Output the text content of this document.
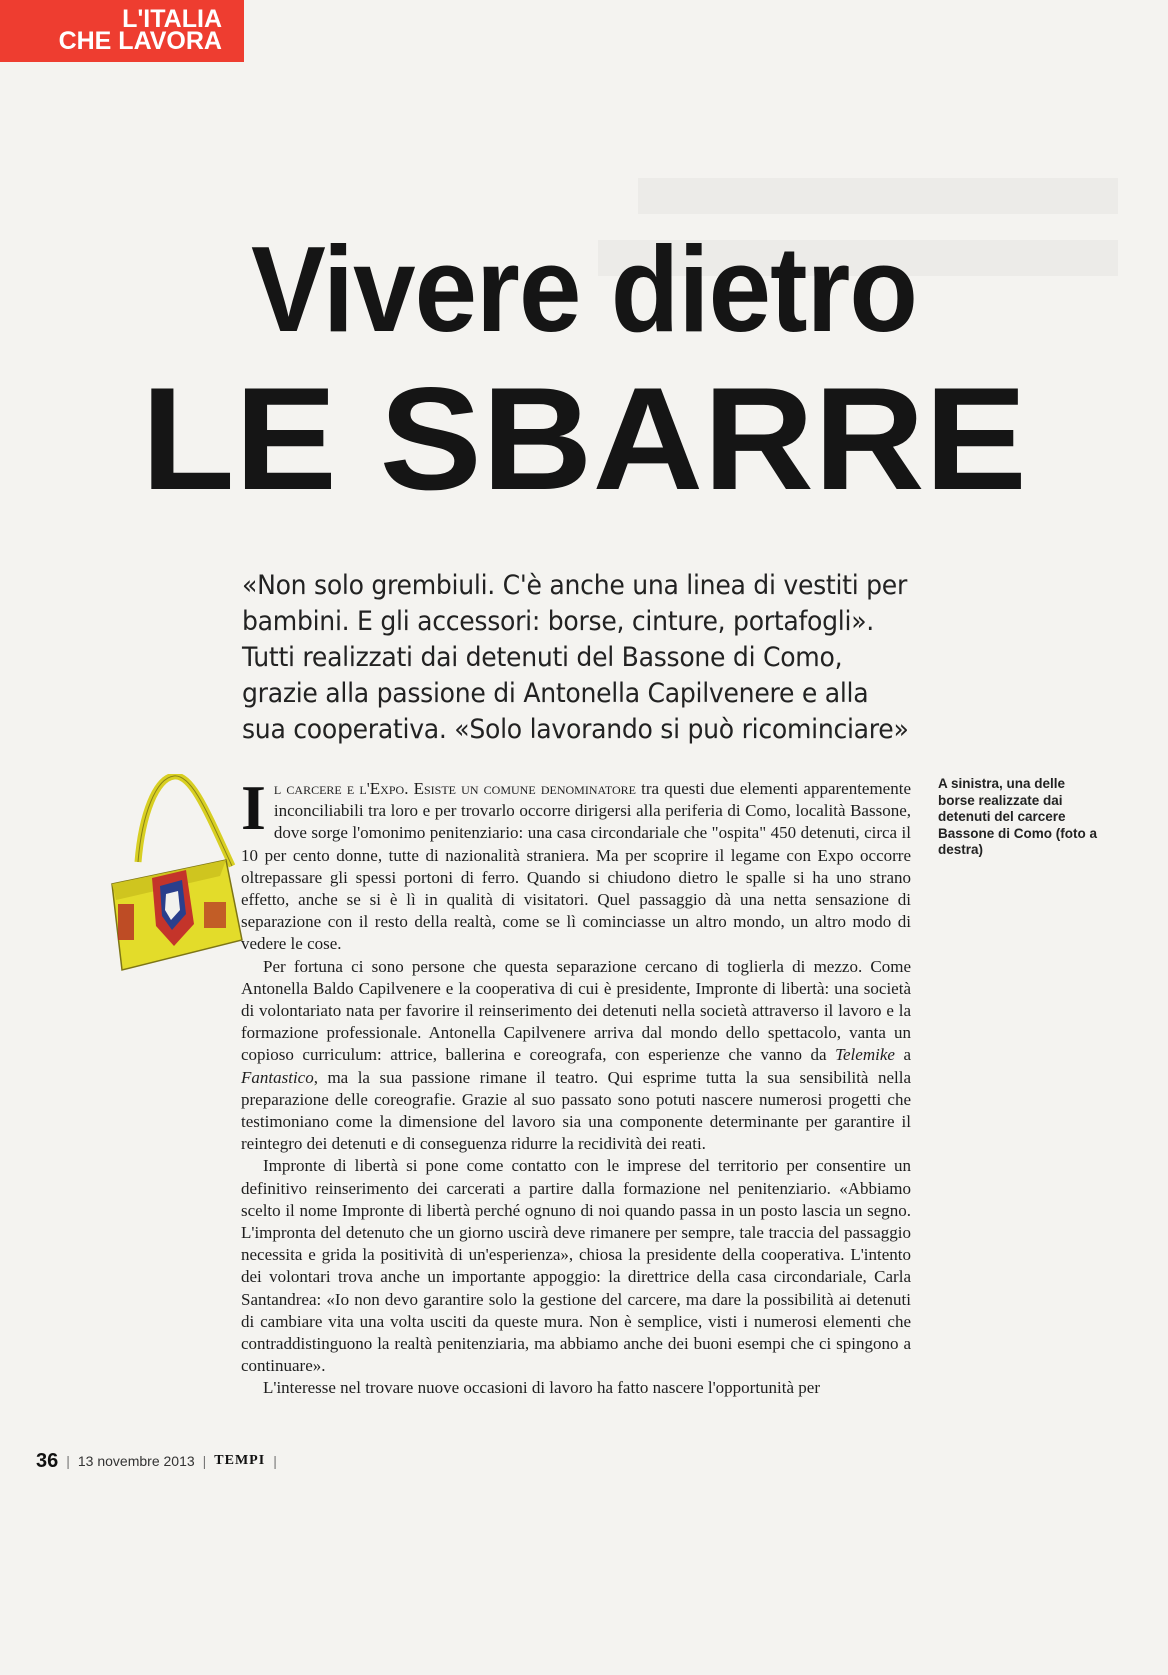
L'ITALIA
CHE LAVORA
Vivere dietro
LE SBARRE
«Non solo grembiuli. C'è anche una linea di vestiti per
bambini. E gli accessori: borse, cinture, portafogli».
Tutti realizzati dai detenuti del Bassone di Como,
grazie alla passione di Antonella Capilvenere e alla
sua cooperativa. «Solo lavorando si può ricominciare»
A sinistra, una delle borse realizzate dai detenuti del carcere Bassone di Como (foto a destra)

Il carcere e l'Expo. Esiste un comune denominatore tra questi due elementi apparentemente inconciliabili tra loro e per trovarlo occorre dirigersi alla periferia di Como, località Bassone, dove sorge l'omonimo penitenziario: una casa circondariale che "ospita" 450 detenuti, circa il 10 per cento donne, tutte di nazionalità straniera. Ma per scoprire il legame con Expo occorre oltrepassare gli spessi portoni di ferro. Quando si chiudono dietro le spalle si ha uno strano effetto, anche se si è lì in qualità di visitatori. Quel passaggio dà una netta sensazione di separazione con il resto della realtà, come se lì cominciasse un altro mondo, un altro modo di vedere le cose.

Per fortuna ci sono persone che questa separazione cercano di toglierla di mezzo. Come Antonella Baldo Capilvenere e la cooperativa di cui è presidente, Impronte di libertà: una società di volontariato nata per favorire il reinserimento dei detenuti nella società attraverso il lavoro e la formazione professionale. Antonella Capilvenere arriva dal mondo dello spettacolo, vanta un copioso curriculum: attrice, ballerina e coreografa, con esperienze che vanno da Telemike a Fantastico, ma la sua passione rimane il teatro. Qui esprime tutta la sua sensibilità nella preparazione delle coreografie. Grazie al suo passato sono potuti nascere numerosi progetti che testimoniano come la dimensione del lavoro sia una componente determinante per garantire il reintegro dei detenuti e di conseguenza ridurre la recidività dei reati.

Impronte di libertà si pone come contatto con le imprese del territorio per consentire un definitivo reinserimento dei carcerati a partire dalla formazione nel penitenziario. «Abbiamo scelto il nome Impronte di libertà perché ognuno di noi quando passa in un posto lascia un segno. L'impronta del detenuto che un giorno uscirà deve rimanere per sempre, tale traccia del passaggio necessita e grida la positività di un'esperienza», chiosa la presidente della cooperativa. L'intento dei volontari trova anche un importante appoggio: la direttrice della casa circondariale, Carla Santandrea: «Io non devo garantire solo la gestione del carcere, ma dare la possibilità ai detenuti di cambiare vita una volta usciti da queste mura. Non è semplice, visti i numerosi elementi che contraddistinguono la realtà penitenziaria, ma abbiamo anche dei buoni esempi che ci spingono a continuare».

L'interesse nel trovare nuove occasioni di lavoro ha fatto nascere l'opportunità per

36 | 13 novembre 2013 | TEMPI |
